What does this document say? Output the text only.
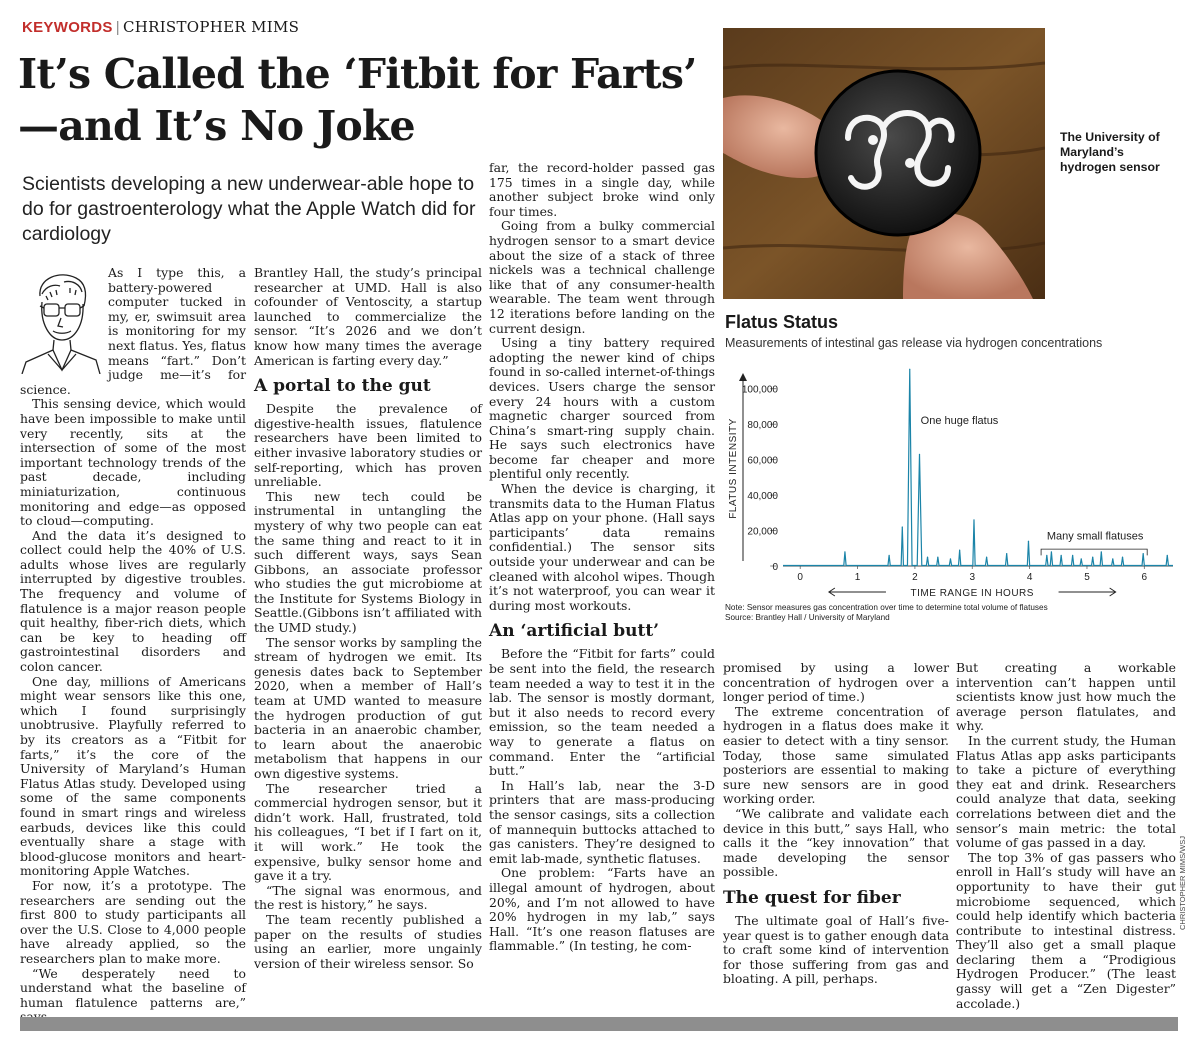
KEYWORDS | CHRISTOPHER MIMS
It’s Called the ‘Fitbit for Farts’
—and It’s No Joke
Scientists developing a new underwear-able hope to do for gastroenterology what the Apple Watch did for cardiology

As I type this, a battery-powered computer tucked in my, er, swimsuit area is monitoring for my next flatus. Yes, flatus means “fart.” Don’t judge me—it’s for science.

This sensing device, which would have been impossible to make until very recently, sits at the intersection of some of the most important technology trends of the past decade, including miniaturization, continuous monitoring and edge—as opposed to cloud—computing.

And the data it’s designed to collect could help the 40% of U.S. adults whose lives are regularly interrupted by digestive troubles. The frequency and volume of flatulence is a major reason people quit healthy, fiber-rich diets, which can be key to heading off gastrointestinal disorders and colon cancer.

One day, millions of Americans might wear sensors like this one, which I found surprisingly unobtrusive. Playfully referred to by its creators as a “Fitbit for farts,” it’s the core of the University of Maryland’s Human Flatus Atlas study. Developed using some of the same components found in smart rings and wireless earbuds, devices like this could eventually share a stage with blood-glucose monitors and heart-monitoring Apple Watches.

For now, it’s a prototype. The researchers are sending out the first 800 to study participants all over the U.S. Close to 4,000 people have already applied, so the researchers plan to make more.

“We desperately need to understand what the baseline of human flatulence patterns are,”

Brantley Hall, the study’s principal researcher at UMD. Hall is also cofounder of Ventoscity, a startup launched to commercialize the sensor. “It’s 2026 and we don’t know how many times the average American is farting every day.”

A portal to the gut

Despite the prevalence of digestive-health issues, flatulence researchers have been limited to either invasive laboratory studies or self-reporting, which has proven unreliable.

This new tech could be instrumental in untangling the mystery of why two people can eat the same thing and react to it in such different ways, says Sean Gibbons, an associate professor who studies the gut microbiome at the Institute for Systems Biology in Seattle.(Gibbons isn’t affiliated with the UMD study.)

The sensor works by sampling the stream of hydrogen we emit. Its genesis dates back to September 2020, when a member of Hall’s team at UMD wanted to measure the hydrogen production of gut bacteria in an anaerobic chamber, to learn about the anaerobic metabolism that happens in our own digestive systems.

The researcher tried a commercial hydrogen sensor, but it didn’t work. Hall, frustrated, told his colleagues, “I bet if I fart on it, it will work.” He took the expensive, bulky sensor home and gave it a try.

“The signal was enormous, and the rest is history,” he says.

The team recently published a paper on the results of studies using an earlier, more ungainly version of their wireless sensor. So

far, the record-holder passed gas 175 times in a single day, while another subject broke wind only four times.

Going from a bulky commercial hydrogen sensor to a smart device about the size of a stack of three nickels was a technical challenge like that of any consumer-health wearable. The team went through 12 iterations before landing on the current design.

Using a tiny battery required adopting the newer kind of chips found in so-called internet-of-things devices. Users charge the sensor every 24 hours with a custom magnetic charger sourced from China’s smart-ring supply chain. He says such electronics have become far cheaper and more plentiful only recently.

When the device is charging, it transmits data to the Human Flatus Atlas app on your phone. (Hall says participants’ data remains confidential.) The sensor sits outside your underwear and can be cleaned with alcohol wipes. Though it’s not waterproof, you can wear it during most workouts.

An ‘artificial butt’

Before the “Fitbit for farts” could be sent into the field, the research team needed a way to test it in the lab. The sensor is mostly dormant, but it also needs to record every emission, so the team needed a way to generate a flatus on command. Enter the “artificial butt.”

In Hall’s lab, near the 3-D printers that are mass-producing the sensor casings, sits a collection of mannequin buttocks attached to gas canisters. They’re designed to emit lab-made, synthetic flatuses.

One problem: “Farts have an illegal amount of hydrogen, about 20%, and I’m not allowed to have 20% hydrogen in my lab,” says Hall. “It’s one reason flatuses are flammable.” (In testing, he com-

promised by using a lower concentration of hydrogen over a longer period of time.)

The extreme concentration of hydrogen in a flatus does make it easier to detect with a tiny sensor. Today, those same simulated posteriors are essential to making sure new sensors are in good working order.

“We calibrate and validate each device in this butt,” says Hall, who calls it the “key innovation” that made developing the sensor possible.

The quest for fiber

The ultimate goal of Hall’s five-year quest is to gather enough data to craft some kind of intervention for those suffering from gas and bloating. A pill, perhaps.

But creating a workable intervention can’t happen until scientists know just how much the average person flatulates, and why.

In the current study, the Human Flatus Atlas app asks participants to take a picture of everything they eat and drink. Researchers could analyze that data, seeking correlations between diet and the sensor’s main metric: the total volume of gas passed in a day.

The top 3% of gas passers who enroll in Hall’s study will have an opportunity to have their gut microbiome sequenced, which could help identify which bacteria contribute to intestinal distress. They’ll also get a small plaque declaring them a “Prodigious Hydrogen Producer.” (The least gassy will get a “Zen Digester” accolade.)

The University of Maryland’s hydrogen sensor
Flatus Status
Measurements of intestinal gas release via hydrogen concentrations
0
20,000
40,000
60,000
80,000
100,000
0	1	2	3	4	5	6
FLATUS INTENSITY
TIME RANGE IN HOURS
One huge flatus
Many small flatuses
Note: Sensor measures gas concentration over time to determine total volume of flatuses
Source: Brantley Hall / University of Maryland
CHRISTOPHER MIMS/WSJ
